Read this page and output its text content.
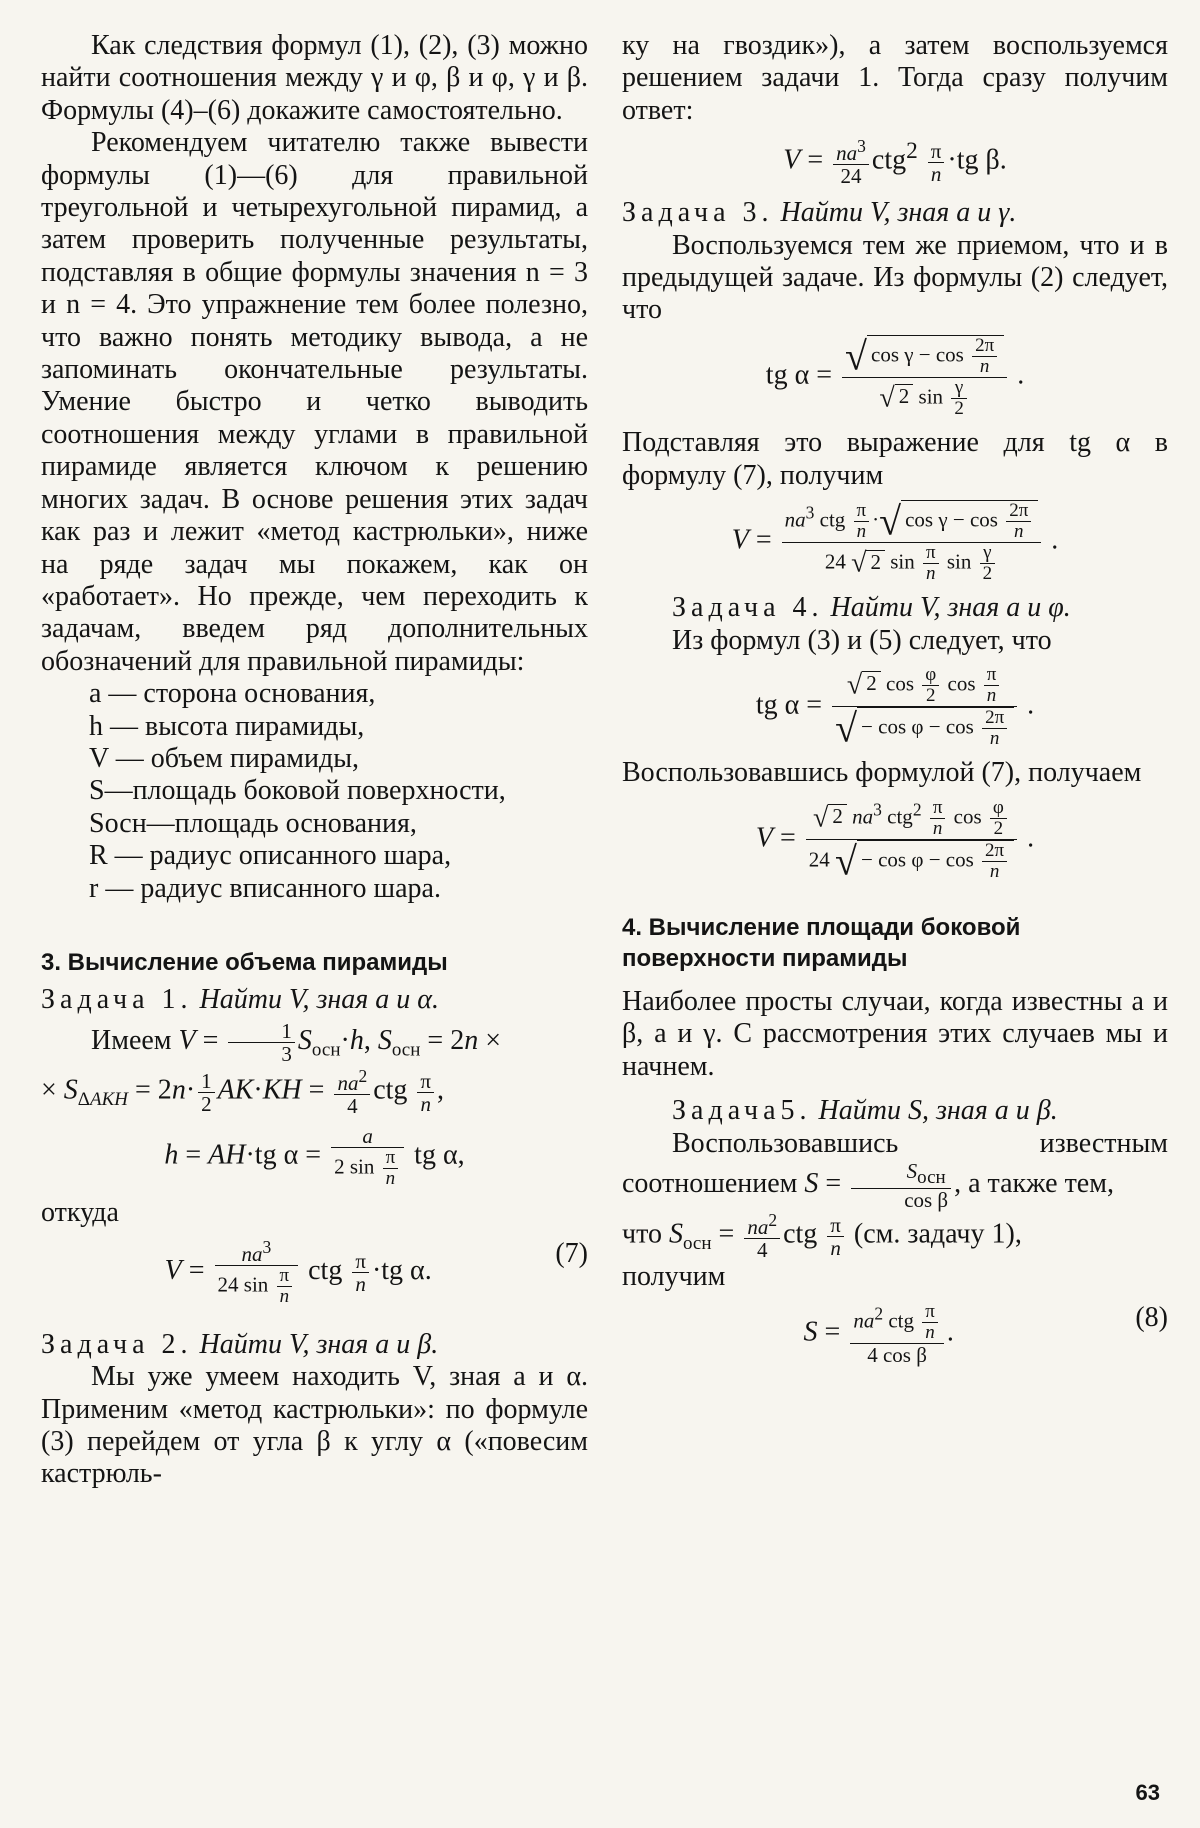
Как следствия формул (1), (2), (3) можно найти соотношения между γ и φ, β и φ, γ и β. Формулы (4)–(6) докажите самостоятельно.

Рекомендуем читателю также вывести формулы (1)—(6) для правильной треугольной и четырехугольной пирамид, а затем проверить полученные результаты, подставляя в общие формулы значения n = 3 и n = 4. Это упражнение тем более полезно, что важно понять методику вывода, а не запоминать окончательные результаты. Умение быстро и четко выводить соотношения между углами в правильной пирамиде является ключом к решению многих задач. В основе решения этих задач как раз и лежит «метод кастрюльки», ниже на ряде задач мы покажем, как он «работает». Но прежде, чем переходить к задачам, введем ряд дополнительных обозначений для правильной пирамиды:

a — сторона основания,
h — высота пирамиды,
V — объем пирамиды,
S—площадь боковой поверхности,
Sосн—площадь основания,
R — радиус описанного шара,
r — радиус вписанного шара.
3. Вычисление объема пирамиды

Задача 1. Найти V, зная a и α.

Имеем $V = \frac{1}{3} S_{осн}\cdot h$, $S_{осн} = 2n$ ×
× $S_{\Delta AKH} = 2n\cdot \frac{1}{2} AK\cdot KH = \frac{na^2}{4}$ ctg $\frac{\pi}{n}$ ,
h = AH·tg $\alpha = \frac{a}{2 \sin \frac{\pi}{n}}$ tg α,

откуда

(7)
$V = \frac{na^3}{24 \sin \frac{\pi}{n}}$ ctg $\frac{\pi}{n} \cdot tg$ α.

Задача 2. Найти V, зная a и β.

Мы уже умеем находить V, зная a и α. Применим «метод кастрюльки»: по формуле (3) перейдем от угла β к углу α («повесим кастрюль-

ку на гвоздик»), а затем воспользуемся решением задачи 1. Тогда сразу получим ответ:

$V = \frac{na^3}{24} ctg^2 \frac{\pi}{n} \cdot tg$ β.

Задача 3. Найти V, зная a и γ.

Воспользуемся тем же приемом, что и в предыдущей задаче. Из формулы (2) следует, что

tg $\alpha = \frac{√ \cos \gamma - \cos \frac{2\pi}{n}}{√ 2 \sin \frac{\gamma}{2}}$ .

Подставляя это выражение для tg α в формулу (7), получим

$V = \frac{na^3 ctg \frac{\pi}{n} \cdot√ \cos \gamma - \cos \frac{2\pi}{n}}{24 √ 2 \sin \frac{\pi}{n} \sin \frac{\gamma}{2}}$ .

Задача 4. Найти V, зная a и φ.

Из формул (3) и (5) следует, что

tg $\alpha = \frac{√ 2 \cos \frac{\varphi}{2} \cos \frac{\pi}{n}}{√ - \cos \varphi - \cos \frac{2\pi}{n}}$ .

Воспользовавшись формулой (7), получаем

$V = \frac{√ 2 na^3 ctg^2 \frac{\pi}{n} \cos \frac{\varphi}{2}}{24 √ - \cos \varphi - \cos \frac{2\pi}{n}}$ .
4. Вычисление площади боковой поверхности пирамиды

Наиболее просты случаи, когда известны a и β, a и γ. С рассмотрения этих случаев мы и начнем.

Задача5. Найти S, зная a и β.

Воспользовавшись известным соотношением $S = \frac{S_{осн}}{\text{cos β}}$ , а также тем,

что $S_{осн} = \frac{na^2}{4}$ ctg $\frac{\pi}{n} (см$. задачу 1),

получим

(8)
$S = \frac{na^2 ctg \frac{\pi}{n}}{\text{4 cos β}}$ .
63
